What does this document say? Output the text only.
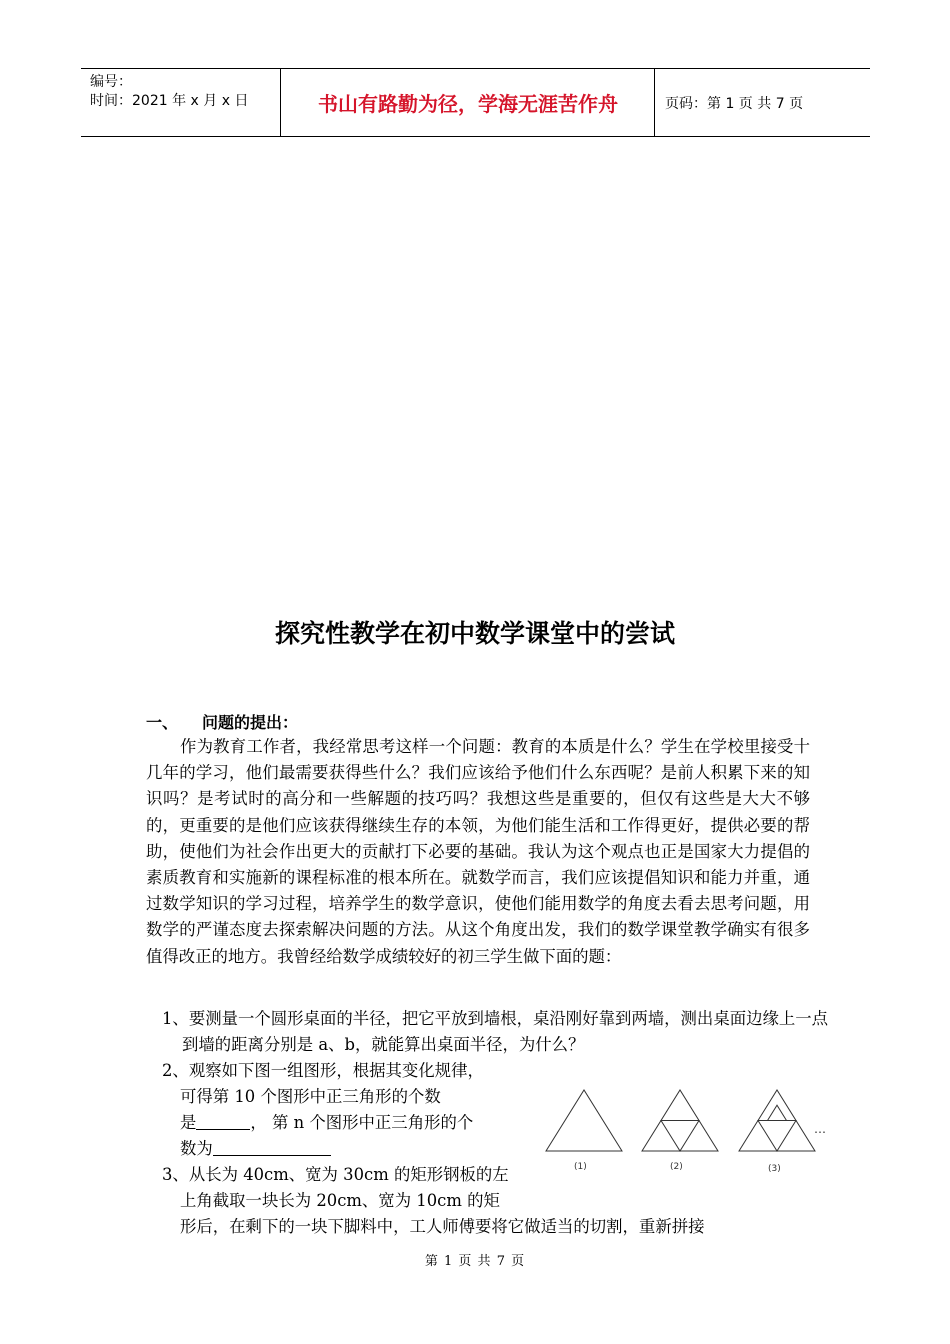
编号：
时间：2021 年 x 月 x 日	书山有路勤为径，学海无涯苦作舟	页码：第 1 页 共 7 页
探究性教学在初中数学课堂中的尝试
一、 问题的提出：

作为教育工作者，我经常思考这样一个问题：教育的本质是什么？学生在学校里接受十几年的学习，他们最需要获得些什么？我们应该给予他们什么东西呢？是前人积累下来的知识吗？是考试时的高分和一些解题的技巧吗？我想这些是重要的，但仅有这些是大大不够的，更重要的是他们应该获得继续生存的本领，为他们能生活和工作得更好，提供必要的帮助，使他们为社会作出更大的贡献打下必要的基础。我认为这个观点也正是国家大力提倡的素质教育和实施新的课程标准的根本所在。就数学而言，我们应该提倡知识和能力并重，通过数学知识的学习过程，培养学生的数学意识，使他们能用数学的角度去看去思考问题，用数学的严谨态度去探索解决问题的方法。从这个角度出发，我们的数学课堂教学确实有很多值得改正的地方。我曾经给数学成绩较好的初三学生做下面的题：

1、要测量一个圆形桌面的半径，把它平放到墙根，桌沿刚好靠到两墙，测出桌面边缘上一点到墙的距离分别是 a、b，就能算出桌面半径，为什么？

2、观察如下图一组图形，根据其变化规律，

可得第 10 个图形中正三角形的个数

是	， 第 n 个图形中正三角形的个

数为

3、从长为 40cm、宽为 30cm 的矩形钢板的左

上角截取一块长为 20cm、宽为 10cm 的矩

形后，在剩下的一块下脚料中，工人师傅要将它做适当的切割，重新拼接

(1)	(2)	(3)
…
第 1 页 共 7 页
